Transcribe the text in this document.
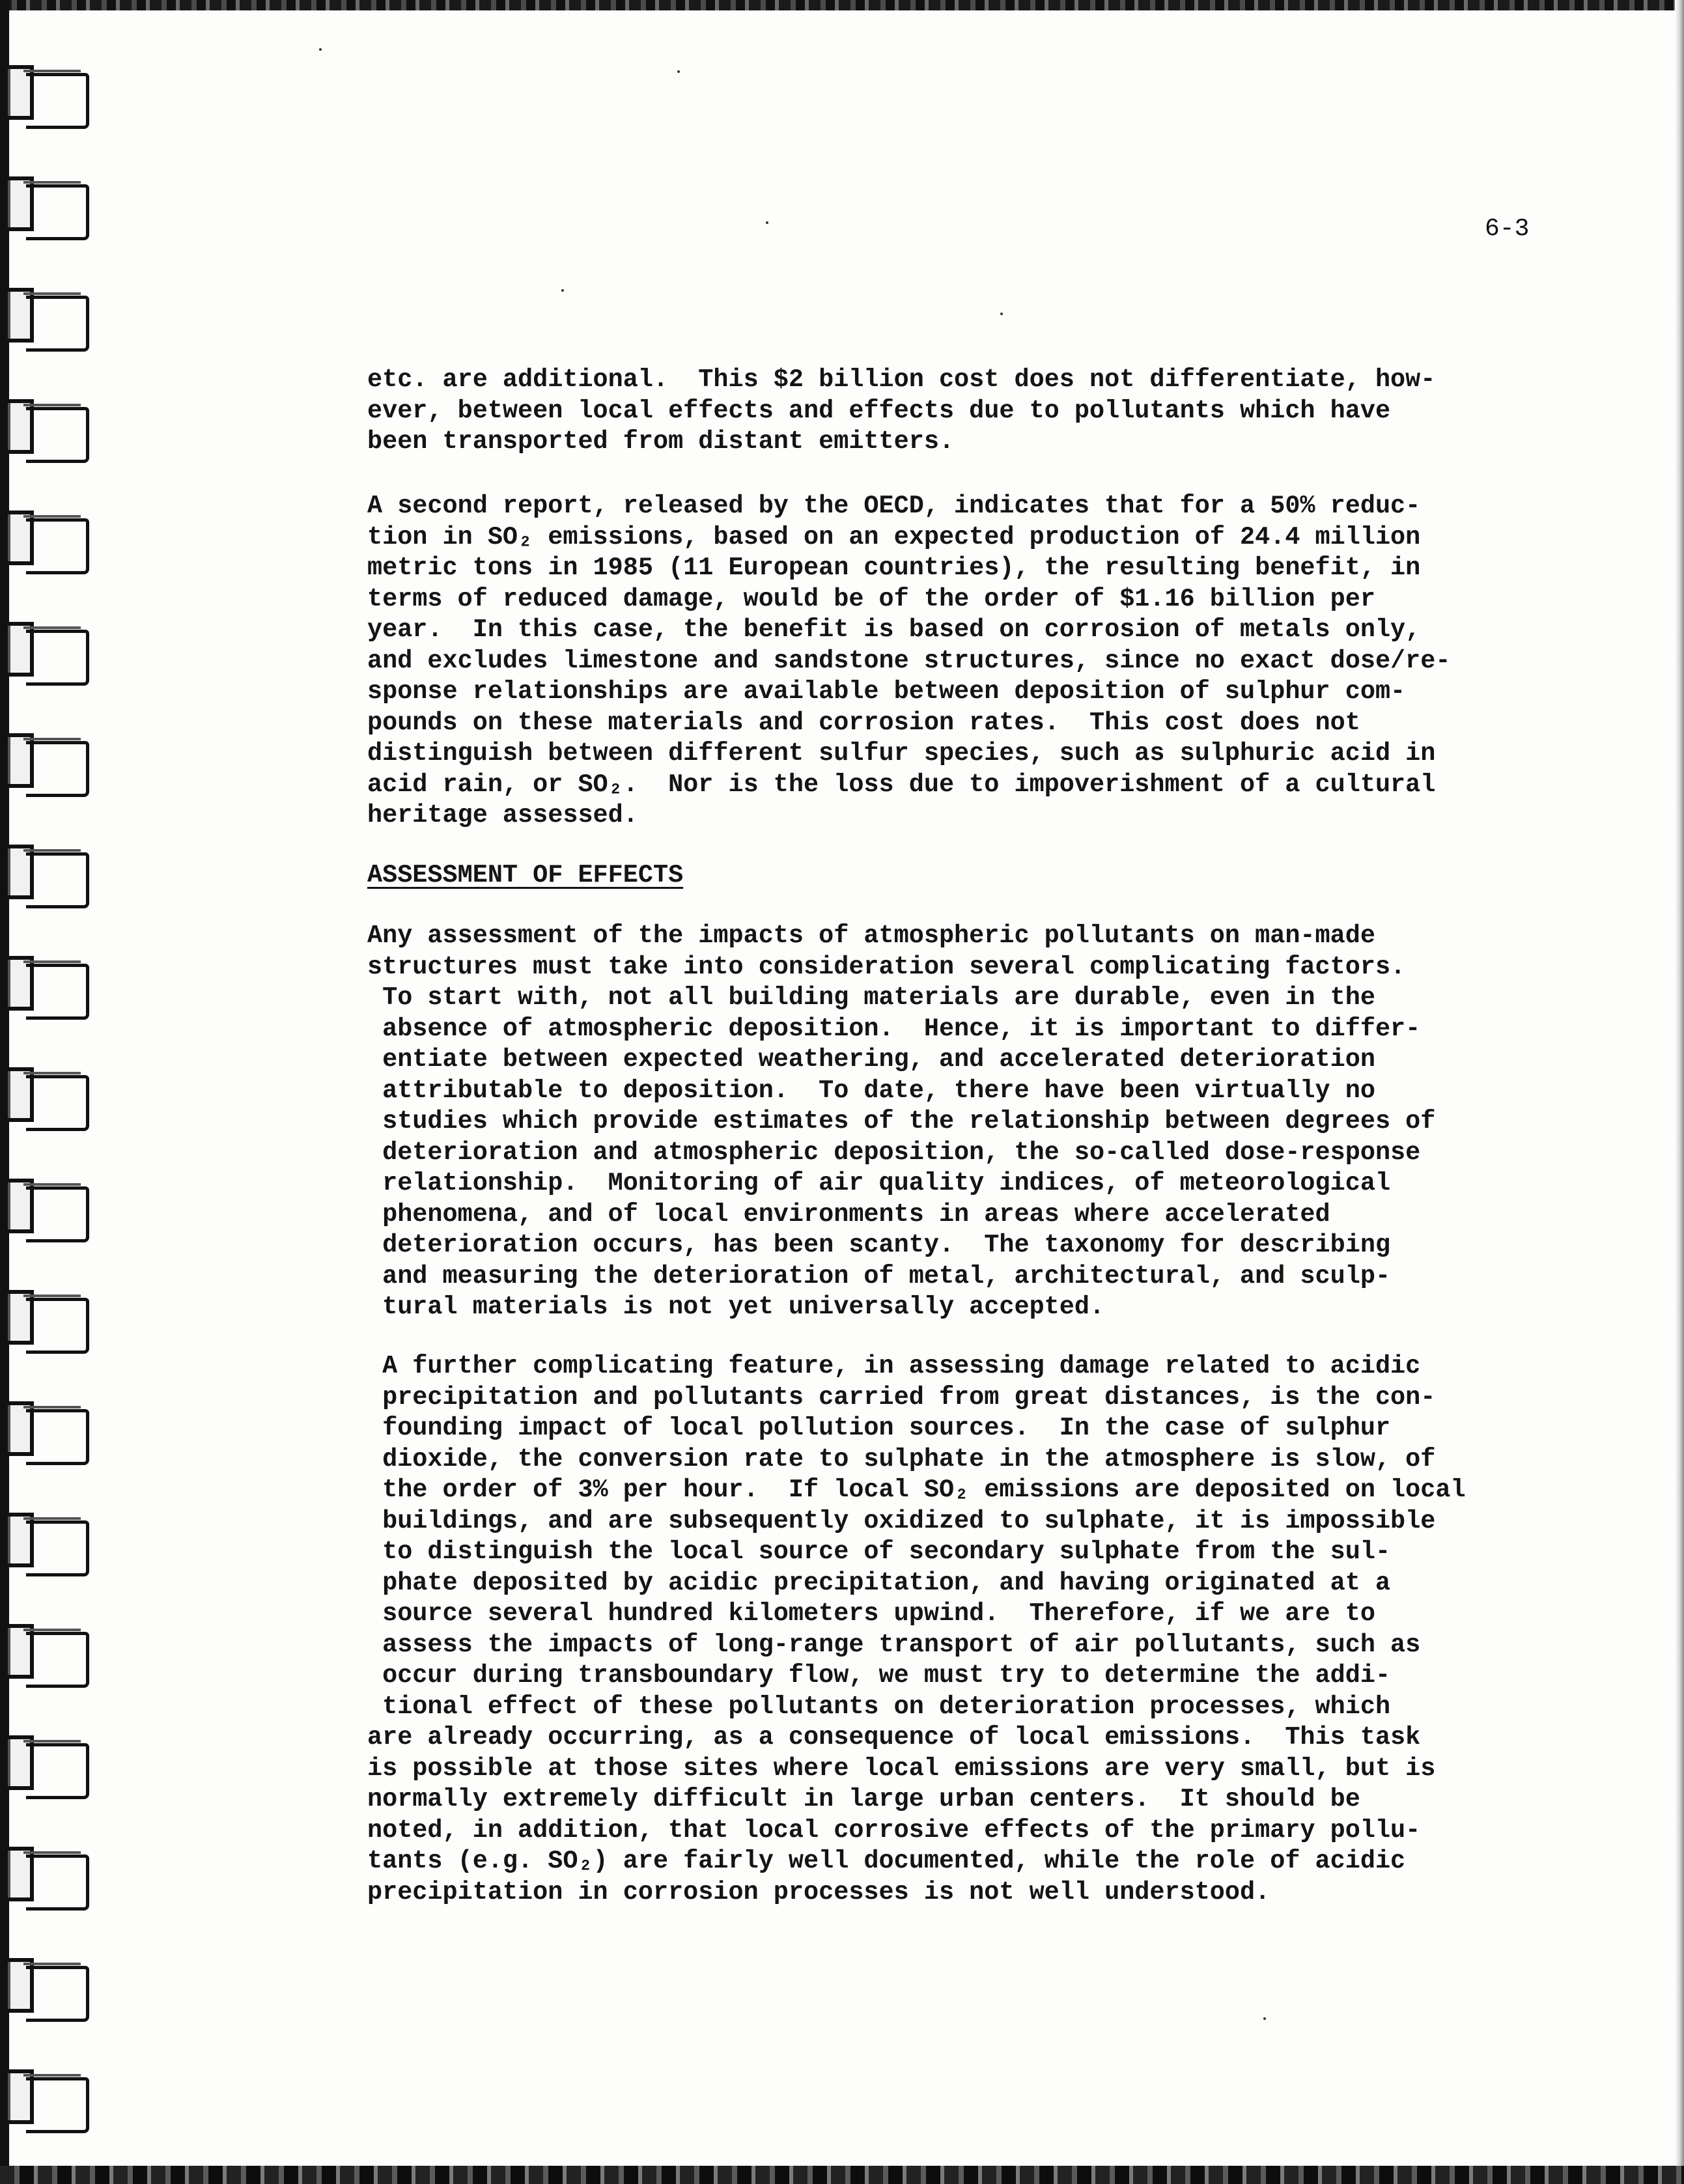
6-3
etc. are additional.  This $2 billion cost does not differentiate, how-
ever, between local effects and effects due to pollutants which have
been transported from distant emitters.
A second report, released by the OECD, indicates that for a 50% reduc-
tion in SO₂ emissions, based on an expected production of 24.4 million
metric tons in 1985 (11 European countries), the resulting benefit, in
terms of reduced damage, would be of the order of $1.16 billion per
year.  In this case, the benefit is based on corrosion of metals only,
and excludes limestone and sandstone structures, since no exact dose/re-
sponse relationships are available between deposition of sulphur com-
pounds on these materials and corrosion rates.  This cost does not
distinguish between different sulfur species, such as sulphuric acid in
acid rain, or SO₂.  Nor is the loss due to impoverishment of a cultural
heritage assessed.
ASSESSMENT OF EFFECTS
Any assessment of the impacts of atmospheric pollutants on man-made
structures must take into consideration several complicating factors.
To start with, not all building materials are durable, even in the
absence of atmospheric deposition.  Hence, it is important to differ-
entiate between expected weathering, and accelerated deterioration
attributable to deposition.  To date, there have been virtually no
studies which provide estimates of the relationship between degrees of
deterioration and atmospheric deposition, the so-called dose-response
relationship.  Monitoring of air quality indices, of meteorological
phenomena, and of local environments in areas where accelerated
deterioration occurs, has been scanty.  The taxonomy for describing
and measuring the deterioration of metal, architectural, and sculp-
tural materials is not yet universally accepted.
A further complicating feature, in assessing damage related to acidic
precipitation and pollutants carried from great distances, is the con-
founding impact of local pollution sources.  In the case of sulphur
dioxide, the conversion rate to sulphate in the atmosphere is slow, of
the order of 3% per hour.  If local SO₂ emissions are deposited on local
buildings, and are subsequently oxidized to sulphate, it is impossible
to distinguish the local source of secondary sulphate from the sul-
phate deposited by acidic precipitation, and having originated at a
source several hundred kilometers upwind.  Therefore, if we are to
assess the impacts of long-range transport of air pollutants, such as
occur during transboundary flow, we must try to determine the addi-
tional effect of these pollutants on deterioration processes, which
are already occurring, as a consequence of local emissions.  This task
is possible at those sites where local emissions are very small, but is
normally extremely difficult in large urban centers.  It should be
noted, in addition, that local corrosive effects of the primary pollu-
tants (e.g. SO₂) are fairly well documented, while the role of acidic
precipitation in corrosion processes is not well understood.
